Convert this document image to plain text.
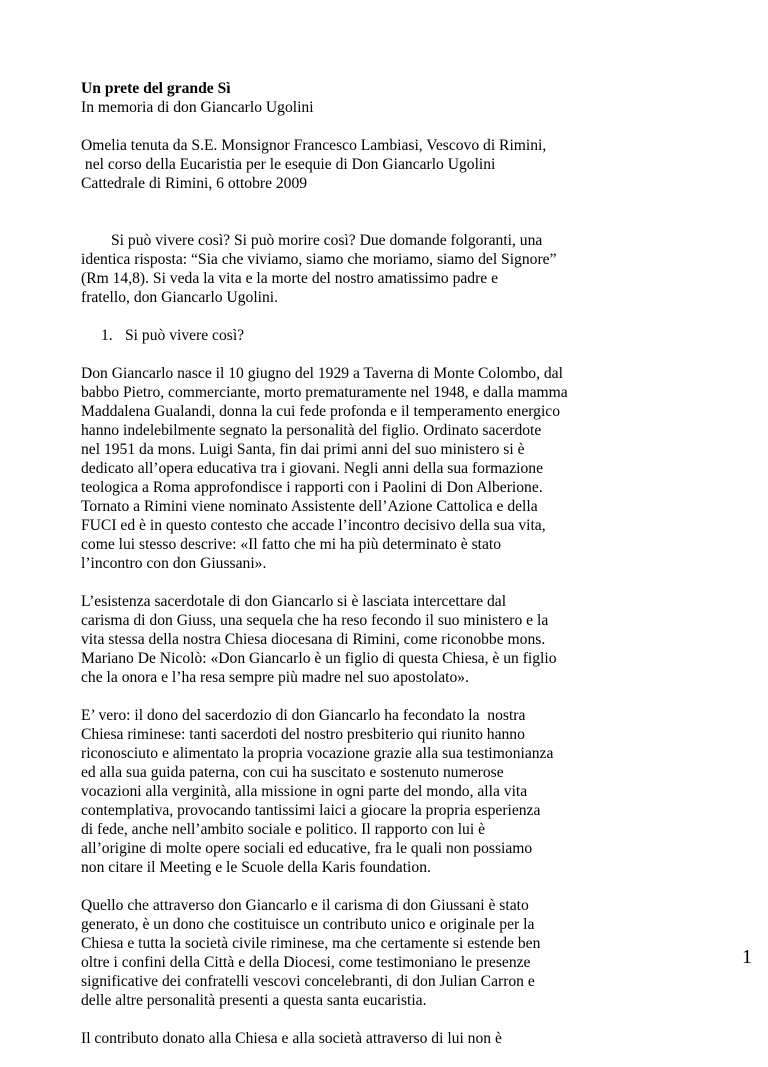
Un prete del grande Sì
In memoria di don Giancarlo Ugolini
Omelia tenuta da S.E. Monsignor Francesco Lambiasi, Vescovo di Rimini,
nel corso della Eucaristia per le esequie di Don Giancarlo Ugolini
Cattedrale di Rimini, 6 ottobre 2009
Si può vivere così? Si può morire così? Due domande folgoranti, una
identica risposta: “Sia che viviamo, siamo che moriamo, siamo del Signore”
(Rm 14,8). Si veda la vita e la morte del nostro amatissimo padre e
fratello, don Giancarlo Ugolini.
1. Si può vivere così?
Don Giancarlo nasce il 10 giugno del 1929 a Taverna di Monte Colombo, dal
babbo Pietro, commerciante, morto prematuramente nel 1948, e dalla mamma
Maddalena Gualandi, donna la cui fede profonda e il temperamento energico
hanno indelebilmente segnato la personalità del figlio. Ordinato sacerdote
nel 1951 da mons. Luigi Santa, fin dai primi anni del suo ministero si è
dedicato all’opera educativa tra i giovani. Negli anni della sua formazione
teologica a Roma approfondisce i rapporti con i Paolini di Don Alberione.
Tornato a Rimini viene nominato Assistente dell’Azione Cattolica e della
FUCI ed è in questo contesto che accade l’incontro decisivo della sua vita,
come lui stesso descrive: «Il fatto che mi ha più determinato è stato
l’incontro con don Giussani».
L’esistenza sacerdotale di don Giancarlo si è lasciata intercettare dal
carisma di don Giuss, una sequela che ha reso fecondo il suo ministero e la
vita stessa della nostra Chiesa diocesana di Rimini, come riconobbe mons.
Mariano De Nicolò: «Don Giancarlo è un figlio di questa Chiesa, è un figlio
che la onora e l’ha resa sempre più madre nel suo apostolato».
E’ vero: il dono del sacerdozio di don Giancarlo ha fecondato la  nostra
Chiesa riminese: tanti sacerdoti del nostro presbiterio qui riunito hanno
riconosciuto e alimentato la propria vocazione grazie alla sua testimonianza
ed alla sua guida paterna, con cui ha suscitato e sostenuto numerose
vocazioni alla verginità, alla missione in ogni parte del mondo, alla vita
contemplativa, provocando tantissimi laici a giocare la propria esperienza
di fede, anche nell’ambito sociale e politico. Il rapporto con lui è
all’origine di molte opere sociali ed educative, fra le quali non possiamo
non citare il Meeting e le Scuole della Karis foundation.
Quello che attraverso don Giancarlo e il carisma di don Giussani è stato
generato, è un dono che costituisce un contributo unico e originale per la
Chiesa e tutta la società civile riminese, ma che certamente si estende ben
oltre i confini della Città e della Diocesi, come testimoniano le presenze
significative dei confratelli vescovi concelebranti, di don Julian Carron e
delle altre personalità presenti a questa santa eucaristia.
Il contributo donato alla Chiesa e alla società attraverso di lui non è
1
